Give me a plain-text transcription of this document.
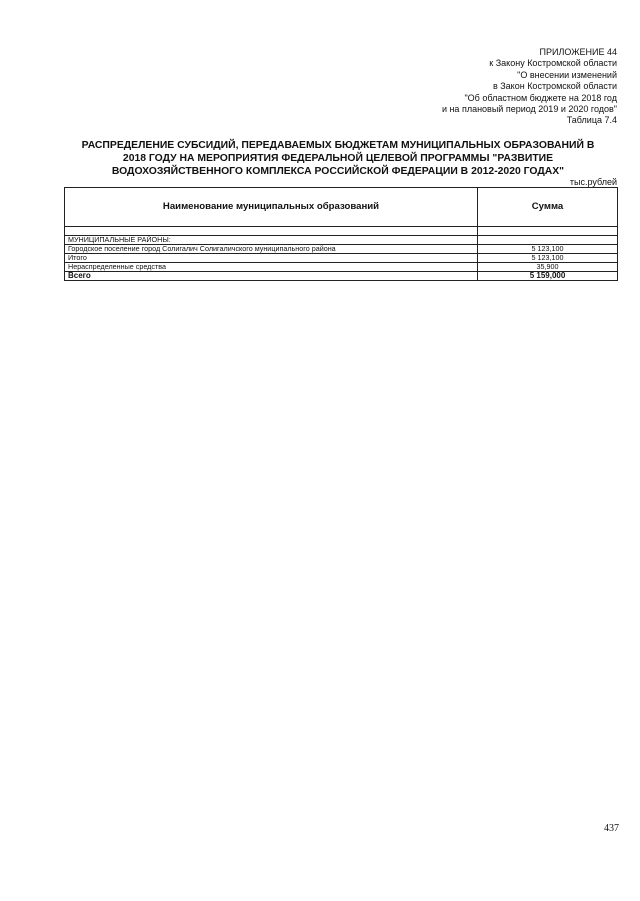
ПРИЛОЖЕНИЕ 44
к Закону Костромской области
"О внесении изменений
в Закон Костромской области
"Об областном бюджете на 2018 год
и на плановый период 2019 и 2020 годов"
Таблица 7.4
РАСПРЕДЕЛЕНИЕ СУБСИДИЙ, ПЕРЕДАВАЕМЫХ БЮДЖЕТАМ МУНИЦИПАЛЬНЫХ ОБРАЗОВАНИЙ В
2018 ГОДУ НА МЕРОПРИЯТИЯ ФЕДЕРАЛЬНОЙ ЦЕЛЕВОЙ ПРОГРАММЫ "РАЗВИТИЕ
ВОДОХОЗЯЙСТВЕННОГО КОМПЛЕКСА РОССИЙСКОЙ ФЕДЕРАЦИИ В 2012-2020 ГОДАХ"
тыс.рублей
Наименование муниципальных образований	Сумма

МУНИЦИПАЛЬНЫЕ РАЙОНЫ:	
Городское поселение город Солигалич Солигаличского муниципального района	5 123,100
Итого	5 123,100
Нераспределенные средства	35,900
Всего	5 159,000
437
